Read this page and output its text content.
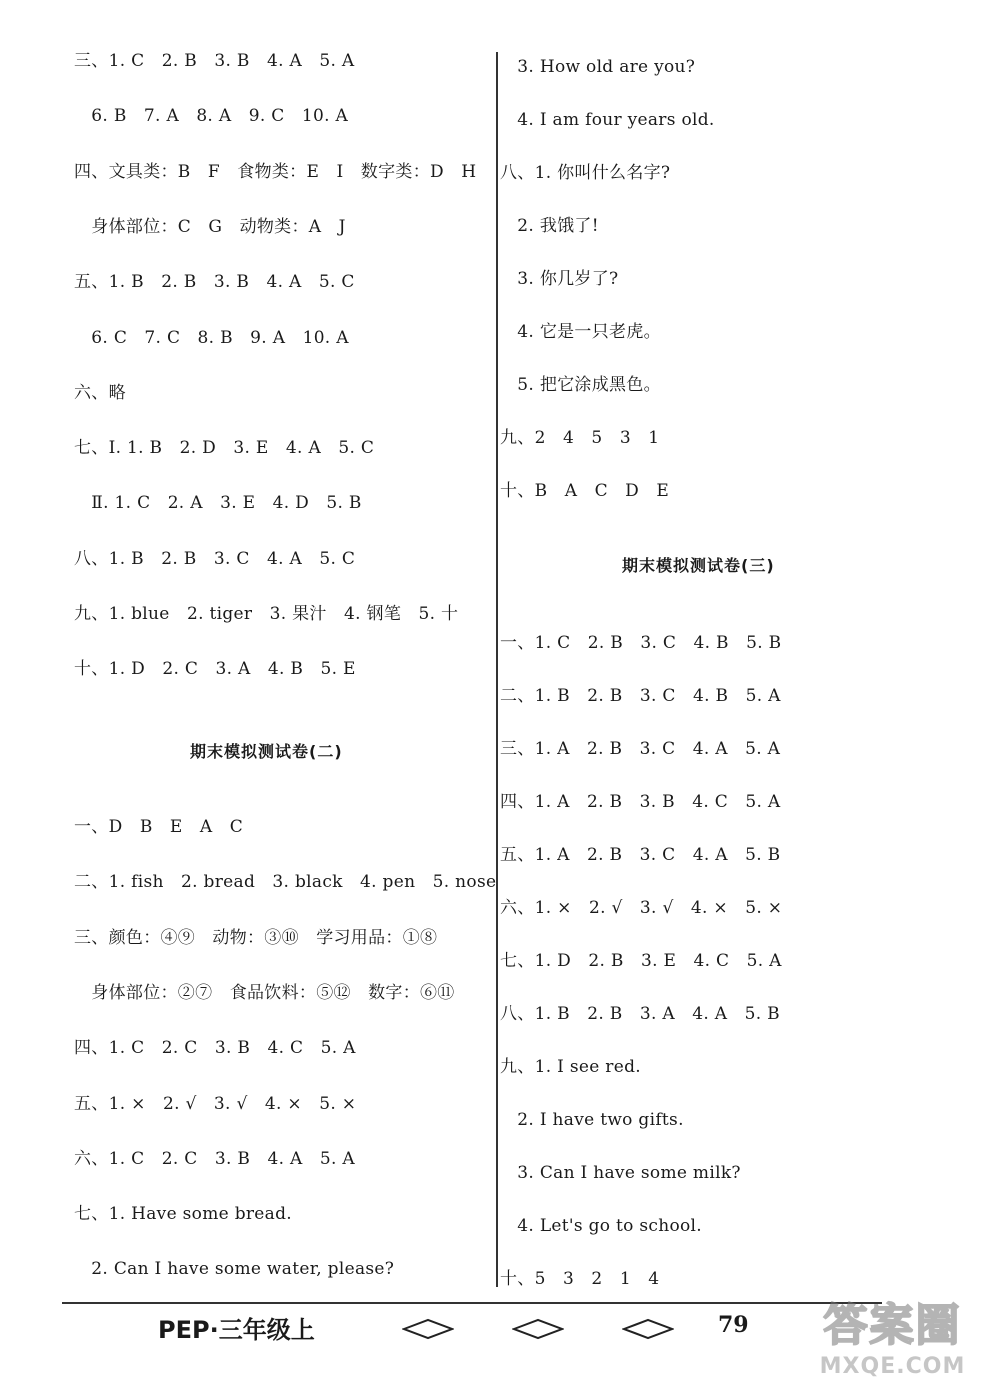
三、1. C　2. B　3. B　4. A　5. A
　6. B　7. A　8. A　9. C　10. A
四、文具类：B　F　食物类：E　I　数字类：D　H
　身体部位：C　G　动物类：A　J
五、1. B　2. B　3. B　4. A　5. C
　6. C　7. C　8. B　9. A　10. A
六、略
七、Ⅰ. 1. B　2. D　3. E　4. A　5. C
　Ⅱ. 1. C　2. A　3. E　4. D　5. B
八、1. B　2. B　3. C　4. A　5. C
九、1. blue　2. tiger　3. 果汁　4. 钢笔　5. 十
十、1. D　2. C　3. A　4. B　5. E
期末模拟测试卷(二)
一、D　B　E　A　C
二、1. fish　2. bread　3. black　4. pen　5. nose
三、颜色：④⑨　动物：③⑩　学习用品：①⑧
　身体部位：②⑦　食品饮料：⑤⑫　数字：⑥⑪
四、1. C　2. C　3. B　4. C　5. A
五、1. ×　2. √　3. √　4. ×　5. ×
六、1. C　2. C　3. B　4. A　5. A
七、1. Have some bread.
　2. Can I have some water, please?
　3. How old are you?
　4. I am four years old.
八、1. 你叫什么名字?
　2. 我饿了!
　3. 你几岁了?
　4. 它是一只老虎。
　5. 把它涂成黑色。
九、2　4　5　3　1
十、B　A　C　D　E
期末模拟测试卷(三)
一、1. C　2. B　3. C　4. B　5. B
二、1. B　2. B　3. C　4. B　5. A
三、1. A　2. B　3. C　4. A　5. A
四、1. A　2. B　3. B　4. C　5. A
五、1. A　2. B　3. C　4. A　5. B
六、1. ×　2. √　3. √　4. ×　5. ×
七、1. D　2. B　3. E　4. C　5. A
八、1. B　2. B　3. A　4. A　5. B
九、1. I see red.
　2. I have two gifts.
　3. Can I have some milk?
　4. Let's go to school.
十、5　3　2　1　4
PEP·三年级上	79	答案圈
MXQE.COM
